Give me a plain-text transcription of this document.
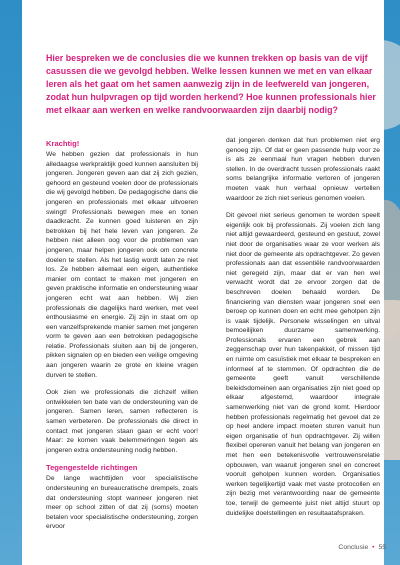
Hier bespreken we de conclusies die we kunnen trekken op basis van de vijf casussen die we gevolgd hebben. Welke lessen kunnen we met en van elkaar leren als het gaat om het samen aanwezig zijn in de leefwereld van jongeren, zodat hun hulpvragen op tijd worden herkend? Hoe kunnen professionals hier met elkaar aan werken en welke randvoorwaarden zijn daarbij nodig?

Krachtig!

We hebben gezien dat professionals in hun alledaagse werkpraktijk goed kunnen aansluiten bij jongeren. Jongeren geven aan dat zij zich gezien, gehoord en gesteund voelen door de professionals die wij gevolgd hebben. De pedagogische dans die jongeren en professionals met elkaar uitvoeren swingt! Professionals bewegen mee en tonen daadkracht. Ze kunnen goed luisteren en zijn betrokken bij het hele leven van jongeren. Ze hebben niet alleen oog voor de problemen van jongeren, maar helpen jongeren ook om concrete doelen te stellen. Als het lastig wordt laten ze niet los. Ze hebben allemaal een eigen, authentieke manier om contact te maken met jongeren en geven praktische informatie en ondersteuning waar jongeren echt wat aan hebben. Wij zien professionals die dagelijks hard werken, met veel enthousiasme en energie. Zij zijn in staat om op een vanzelfsprekende manier samen met jongeren vorm te geven aan een betrokken pedagogische relatie. Professionals sluiten aan bij de jongeren, pikken signalen op en bieden een veilige omgeving aan jongeren waarin ze grote en kleine vragen durven te stellen.

Ook zien we professionals die zichzelf willen ontwikkelen ten bate van de ondersteuning van de jongeren. Samen leren, samen reflecteren is samen verbeteren. De professionals die direct in contact met jongeren staan gaan er echt voor! Maar: ze komen vaak belemmeringen tegen als jongeren extra ondersteuning nodig hebben.

Tegengestelde richtingen

De lange wachttijden voor specialistische ondersteuning en bureaucratische drempels, zoals dat ondersteuning stopt wanneer jongeren niet meer op school zitten of dat zij (soms) moeten betalen voor specialistische ondersteuning, zorgen ervoor

dat jongeren denken dat hun problemen niet erg genoeg zijn. Of dat er geen passende hulp voor ze is als ze eenmaal hun vragen hebben durven stellen. In de overdracht tussen professionals raakt soms belangrijke informatie verloren of jongeren moeten vaak hun verhaal opnieuw vertellen waardoor ze zich niet serieus genomen voelen.

Dit gevoel niet serieus genomen te worden speelt eigenlijk ook bij professionals. Zij voelen zich lang niet altijd gewaardeerd, gesteund en gestuut, zowel niet door de organisaties waar ze voor werken als niet door de gemeente als opdrachtgever. Zo geven professionals aan dat essentiële randvoorwaarden niet geregeld zijn, maar dat er van hen wel verwacht wordt dat ze ervoor zorgen dat de beschreven doelen behaald worden. De financiering van diensten waar jongeren snel een beroep op kunnen doen en echt mee geholpen zijn is vaak tijdelijk. Personele wisselingen en uitval bemoeilijken duurzame samenwerking. Professionals ervaren een gebrek aan zeggenschap over hun takenpakket, of missen tijd en ruimte om casuïstiek met elkaar te bespreken en informeel af te stemmen. Of opdrachten die de gemeente geeft vanuit verschillende beleidsdomeinen aan organisaties zijn niet goed op elkaar afgestemd, waardoor integrale samenwerking niet van de grond komt. Hierdoor hebben professionals regelmatig het gevoel dat ze op heel andere impact moeten sturen vanuit hun eigen organisatie of hun opdrachtgever. Zij willen flexibel opereren vanuit het belang van jongeren en met hen een betekenisvolle vertrouwensrelatie opbouwen, van waaruit jongeren snel en concreet vooruit geholpen kunnen worden. Organisaties werken tegelijkertijd vaak met vaste protocollen en zijn bezig met verantwoording naar de gemeente toe, terwijl de gemeente juist niet altijd stuurt op duidelijke doelstellingen en resultaatafspraken.

Conclusie • 55
